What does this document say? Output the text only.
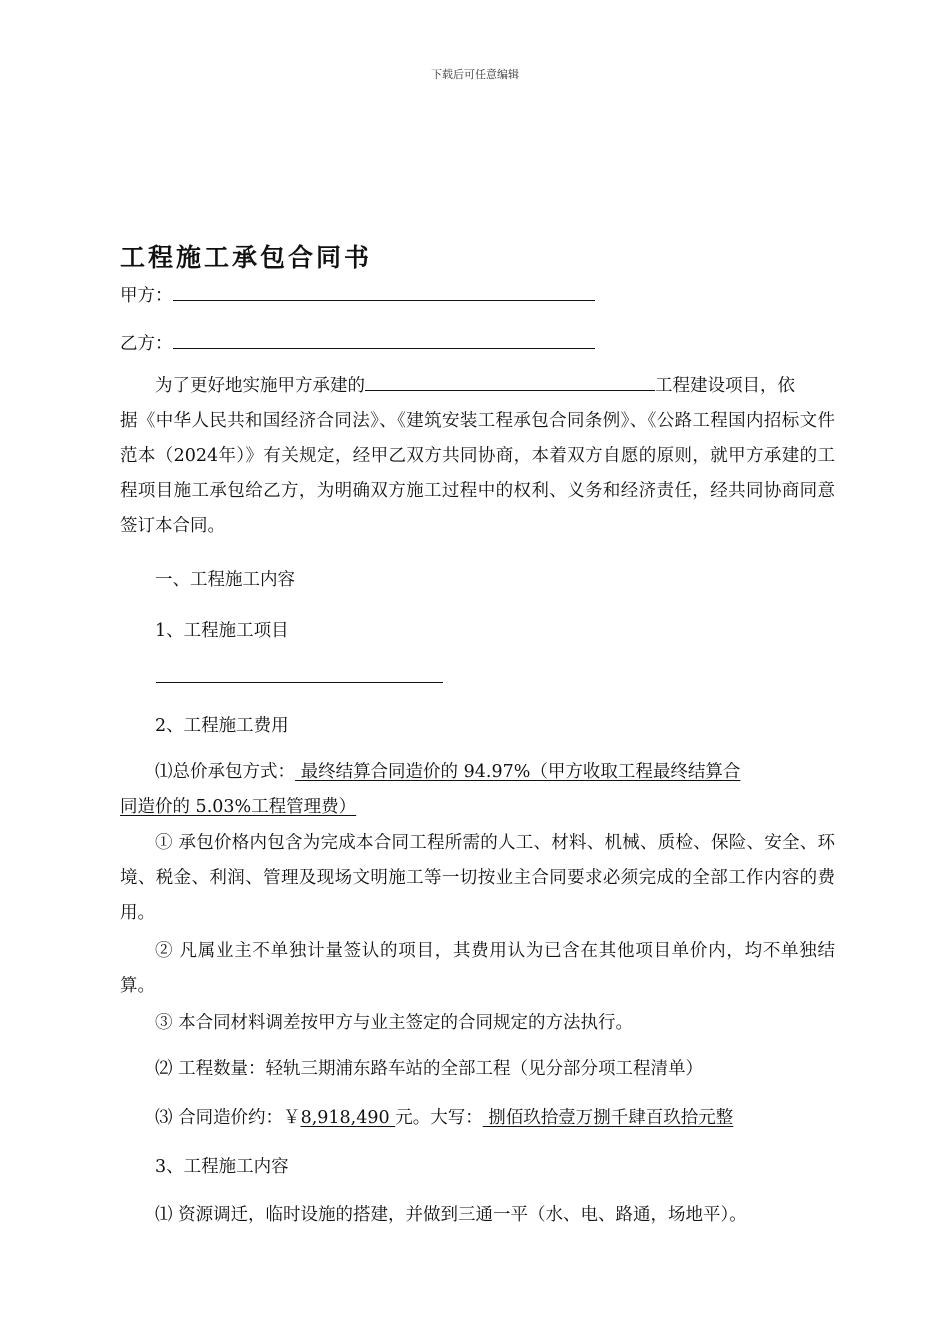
下载后可任意编辑
工程施工承包合同书
甲方：
乙方：
为了更好地实施甲方承建的	工程建设项目，依
据《中华人民共和国经济合同法》、《建筑安装工程承包合同条例》、《公路工程国内招标文件范本（2024年）》有关规定，经甲乙双方共同协商，本着双方自愿的原则，就甲方承建的工程项目施工承包给乙方，为明确双方施工过程中的权利、义务和经济责任，经共同协商同意签订本合同。
一、工程施工内容
1、工程施工项目
2、工程施工费用
⑴总价承包方式： 最终结算合同造价的 94.97%（甲方收取工程最终结算合
同造价的 5.03%工程管理费）
① 承包价格内包含为完成本合同工程所需的人工、材料、机械、质检、保险、安全、环境、税金、利润、管理及现场文明施工等一切按业主合同要求必须完成的全部工作内容的费用。
② 凡属业主不单独计量签认的项目，其费用认为已含在其他项目单价内，均不单独结算。
③ 本合同材料调差按甲方与业主签定的合同规定的方法执行。
⑵ 工程数量：轻轨三期浦东路车站的全部工程（见分部分项工程清单）
⑶ 合同造价约：￥8,918,490 元。大写： 捌佰玖拾壹万捌千肆百玖拾元整
3、工程施工内容
⑴ 资源调迁，临时设施的搭建，并做到三通一平（水、电、路通，场地平）。
